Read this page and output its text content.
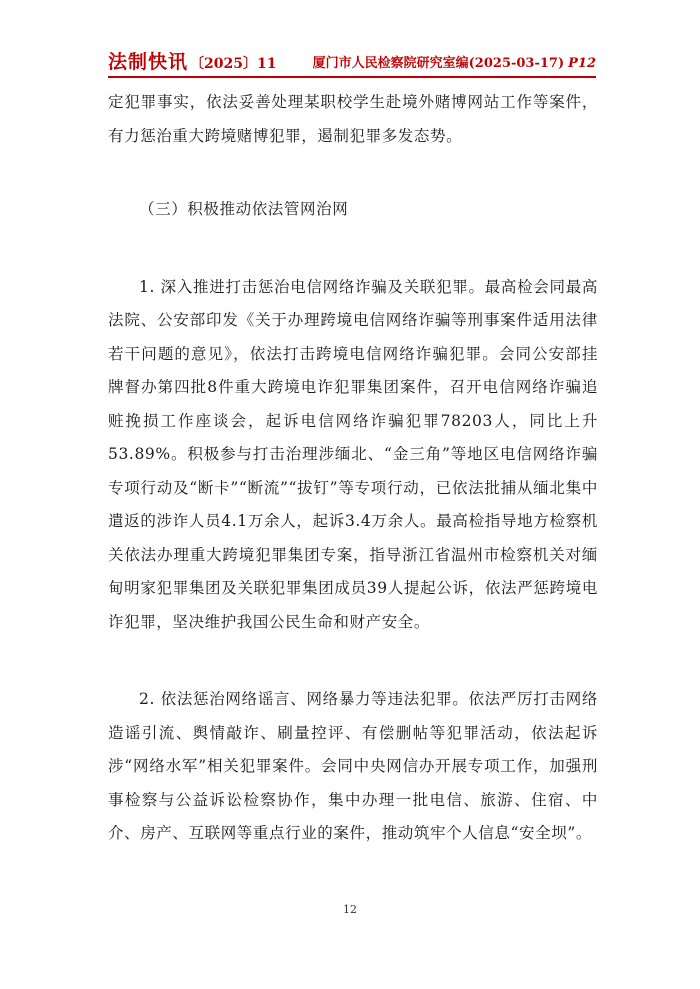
法制快讯 〔2025〕11	厦门市人民检察院研究室编(2025-03-17) P12

定犯罪事实，依法妥善处理某职校学生赴境外赌博网站工作等案件，有力惩治重大跨境赌博犯罪，遏制犯罪多发态势。

（三）积极推动依法管网治网

1. 深入推进打击惩治电信网络诈骗及关联犯罪。最高检会同最高法院、公安部印发《关于办理跨境电信网络诈骗等刑事案件适用法律若干问题的意见》，依法打击跨境电信网络诈骗犯罪。会同公安部挂牌督办第四批8件重大跨境电诈犯罪集团案件，召开电信网络诈骗追赃挽损工作座谈会，起诉电信网络诈骗犯罪78203人，同比上升53.89%。积极参与打击治理涉缅北、“金三角”等地区电信网络诈骗专项行动及“断卡”“断流”“拔钉”等专项行动，已依法批捕从缅北集中遣返的涉诈人员4.1万余人，起诉3.4万余人。最高检指导地方检察机关依法办理重大跨境犯罪集团专案，指导浙江省温州市检察机关对缅甸明家犯罪集团及关联犯罪集团成员39人提起公诉，依法严惩跨境电诈犯罪，坚决维护我国公民生命和财产安全。

2. 依法惩治网络谣言、网络暴力等违法犯罪。依法严厉打击网络造谣引流、舆情敲诈、刷量控评、有偿删帖等犯罪活动，依法起诉涉“网络水军”相关犯罪案件。会同中央网信办开展专项工作，加强刑事检察与公益诉讼检察协作，集中办理一批电信、旅游、住宿、中介、房产、互联网等重点行业的案件，推动筑牢个人信息“安全坝”。

12
